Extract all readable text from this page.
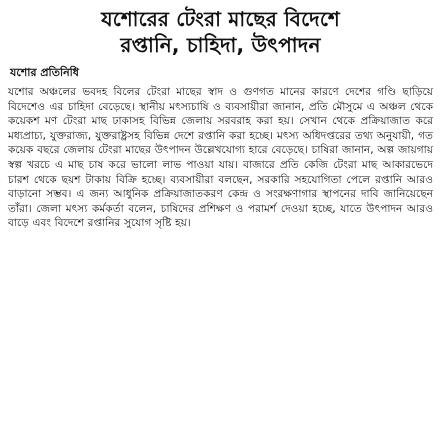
যশোরের টেংরা মাছের বিদেশে
রপ্তানি, চাহিদা, উৎপাদন
যশোর প্রতিনিধি

যশোর অঞ্চলের ভবদহ বিলের টেংরা মাছের স্বাদ ও গুণগত মানের কারণে দেশের গণ্ডি ছাড়িয়ে বিদেশেও এর চাহিদা বেড়েছে। স্থানীয় মৎস্যচাষি ও ব্যবসায়ীরা জানান, প্রতি মৌসুমে এ অঞ্চল থেকে কয়েকশ মণ টেংরা মাছ ঢাকাসহ বিভিন্ন জেলায় সরবরাহ করা হয়। সেখান থেকে প্রক্রিয়াজাত করে মধ্যপ্রাচ্য, যুক্তরাজ্য, যুক্তরাষ্ট্রসহ বিভিন্ন দেশে রপ্তানি করা হচ্ছে। মৎস্য অধিদপ্তরের তথ্য অনুযায়ী, গত কয়েক বছরে জেলায় টেংরা মাছের উৎপাদন উল্লেখযোগ্য হারে বেড়েছে। চাষিরা জানান, অল্প জায়গায় স্বল্প খরচে এ মাছ চাষ করে ভালো লাভ পাওয়া যায়। বাজারে প্রতি কেজি টেংরা মাছ আকারভেদে চারশ থেকে ছয়শ টাকায় বিক্রি হচ্ছে। ব্যবসায়ীরা বলছেন, সরকারি সহযোগিতা পেলে রপ্তানি আরও বাড়ানো সম্ভব। এ জন্য আধুনিক প্রক্রিয়াজাতকরণ কেন্দ্র ও সংরক্ষণাগার স্থাপনের দাবি জানিয়েছেন তাঁরা। জেলা মৎস্য কর্মকর্তা বলেন, চাষিদের প্রশিক্ষণ ও পরামর্শ দেওয়া হচ্ছে, যাতে উৎপাদন আরও বাড়ে এবং বিদেশে রপ্তানির সুযোগ সৃষ্টি হয়।
